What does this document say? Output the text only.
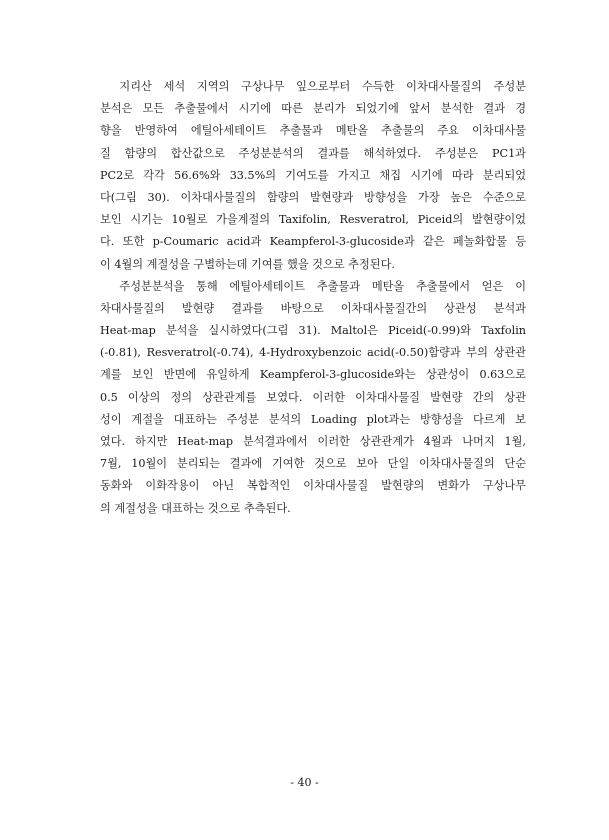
　지리산 세석 지역의 구상나무 잎으로부터 수득한 이차대사물질의 주성분
분석은 모든 추출물에서 시기에 따른 분리가 되었기에 앞서 분석한 결과 경
향을 반영하여 에틸아세테이트 추출물과 메탄올 추출물의 주요 이차대사물
질 함량의 합산값으로 주성분분석의 결과를 해석하였다. 주성분은 PC1과
PC2로 각각 56.6%와 33.5%의 기여도를 가지고 채집 시기에 따라 분리되었
다(그림 30). 이차대사물질의 함량의 발현량과 방향성을 가장 높은 수준으로
보인 시기는 10월로 가을계절의 Taxifolin, Resveratrol, Piceid의 발현량이었
다. 또한 p-Coumaric acid과 Keampferol-3-glucoside과 같은 페놀화합물 등
이 4월의 계절성을 구별하는데 기여를 했을 것으로 추정된다.
　주성분분석을 통해 에틸아세테이트 추출물과 메탄올 추출물에서 얻은 이
차대사물질의 발현량 결과를 바탕으로 이차대사물질간의 상관성 분석과
Heat-map 분석을 실시하였다(그림 31). Maltol은 Piceid(-0.99)와 Taxfolin
(-0.81), Resveratrol(-0.74), 4-Hydroxybenzoic acid(-0.50)함량과 부의 상관관
계를 보인 반면에 유일하게 Keampferol-3-glucoside와는 상관성이 0.63으로
0.5 이상의 정의 상관관계를 보였다. 이러한 이차대사물질 발현량 간의 상관
성이 계절을 대표하는 주성분 분석의 Loading plot과는 방향성을 다르게 보
였다. 하지만 Heat-map 분석결과에서 이러한 상관관계가 4월과 나머지 1월,
7월, 10월이 분리되는 결과에 기여한 것으로 보아 단일 이차대사물질의 단순
동화와 이화작용이 아닌 복합적인 이차대사물질 발현량의 변화가 구상나무
의 계절성을 대표하는 것으로 추측된다.
- 40 -
